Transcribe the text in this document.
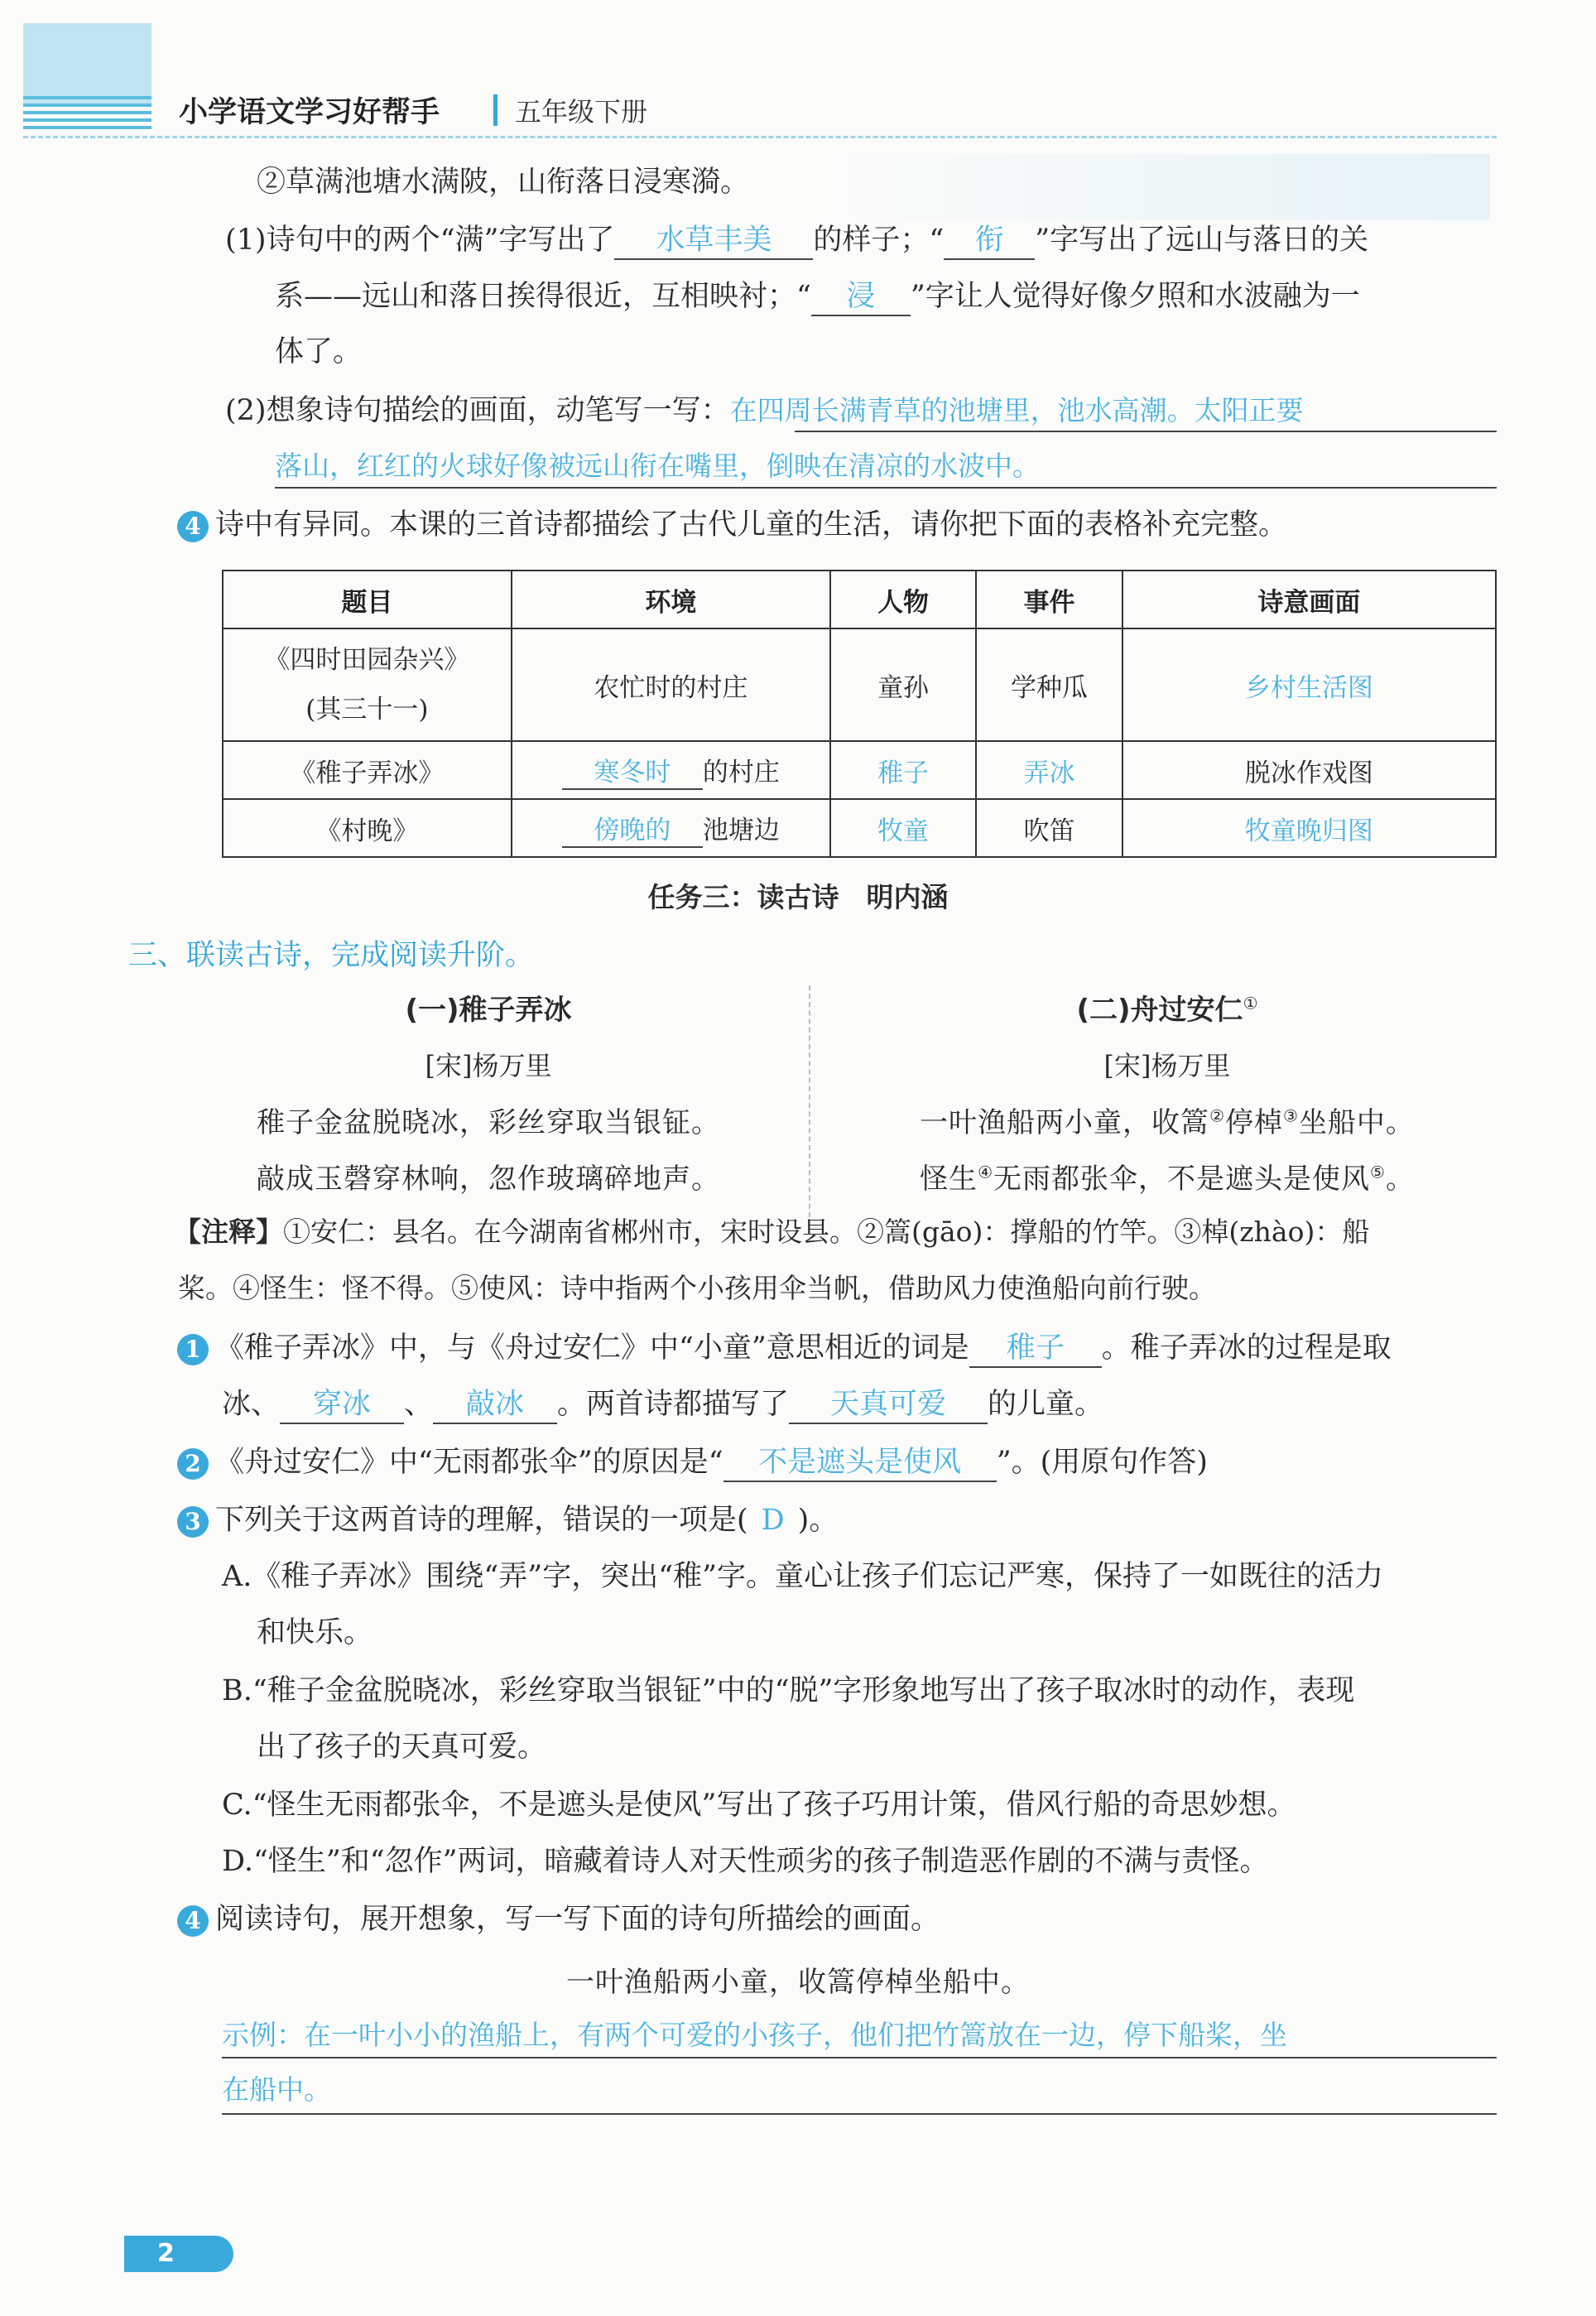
小学语文学习好帮手	五年级下册
②草满池塘水满陂，山衔落日浸寒漪。
(1)诗句中的两个“满”字写出了 水草丰美 的样子；“ 衔 ”字写出了远山与落日的关
系——远山和落日挨得很近，互相映衬；“ 浸 ”字让人觉得好像夕照和水波融为一
体了。
(2)想象诗句描绘的画面，动笔写一写：在四周长满青草的池塘里，池水高潮。太阳正要
落山，红红的火球好像被远山衔在嘴里，倒映在清凉的水波中。
4 诗中有异同。本课的三首诗都描绘了古代儿童的生活，请你把下面的表格补充完整。
题目	环境	人物	事件	诗意画面

《四时田园杂兴》
(其三十一)	农忙时的村庄	童孙	学种瓜	乡村生活图
《稚子弄冰》	寒冬时 的村庄	稚子	弄冰	脱冰作戏图
《村晚》	傍晚的 池塘边	牧童	吹笛	牧童晚归图
任务三：读古诗　明内涵
三、联读古诗，完成阅读升阶。
(一)稚子弄冰
[宋]杨万里
稚子金盆脱晓冰，彩丝穿取当银钲。
敲成玉磬穿林响，忽作玻璃碎地声。
(二)舟过安仁①
[宋]杨万里
一叶渔船两小童，收篙②停棹③坐船中。
怪生④无雨都张伞，不是遮头是使风⑤。
【注释】①安仁：县名。在今湖南省郴州市，宋时设县。②篙(gāo)：撑船的竹竿。③棹(zhào)：船
桨。④怪生：怪不得。⑤使风：诗中指两个小孩用伞当帆，借助风力使渔船向前行驶。
1 《稚子弄冰》中，与《舟过安仁》中“小童”意思相近的词是 稚子 。稚子弄冰的过程是取
冰、 穿冰 、 敲冰 。两首诗都描写了 天真可爱 的儿童。
2 《舟过安仁》中“无雨都张伞”的原因是“ 不是遮头是使风 ”。(用原句作答)
3 下列关于这两首诗的理解，错误的一项是( D )。
A.《稚子弄冰》围绕“弄”字，突出“稚”字。童心让孩子们忘记严寒，保持了一如既往的活力
和快乐。
B.“稚子金盆脱晓冰，彩丝穿取当银钲”中的“脱”字形象地写出了孩子取冰时的动作，表现
出了孩子的天真可爱。
C.“怪生无雨都张伞，不是遮头是使风”写出了孩子巧用计策，借风行船的奇思妙想。
D.“怪生”和“忽作”两词，暗藏着诗人对天性顽劣的孩子制造恶作剧的不满与责怪。
4 阅读诗句，展开想象，写一写下面的诗句所描绘的画面。
一叶渔船两小童，收篙停棹坐船中。
示例：在一叶小小的渔船上，有两个可爱的小孩子，他们把竹篙放在一边，停下船桨，坐
在船中。
2
